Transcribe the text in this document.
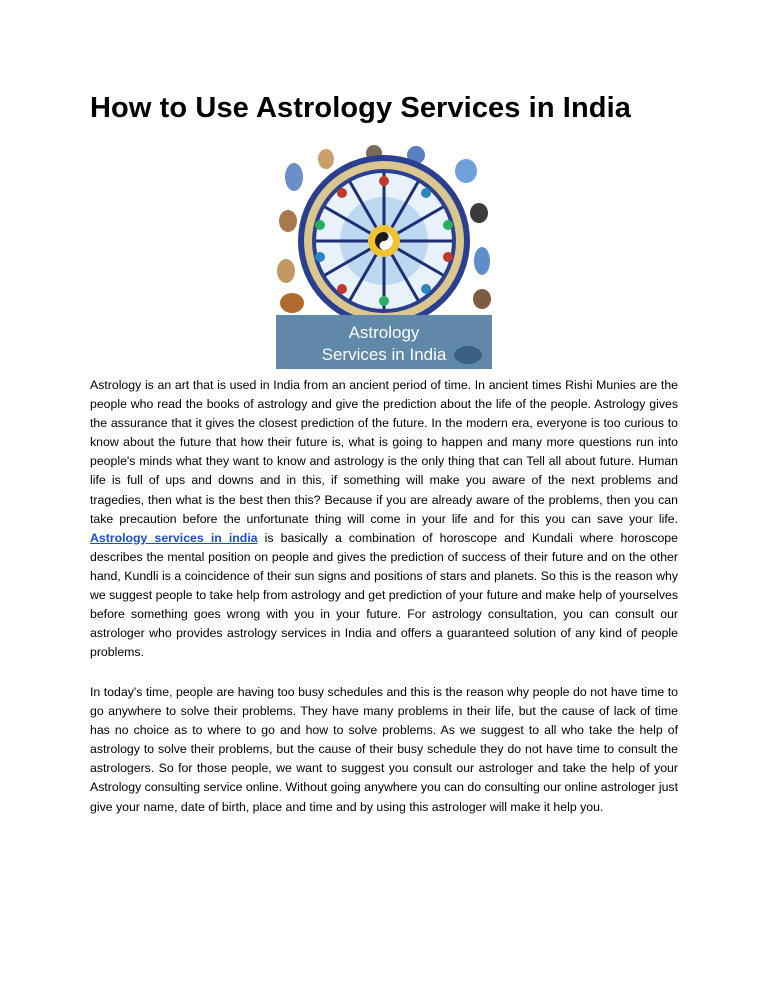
How to Use Astrology Services in India
Astrology
Services in India

Astrology is an art that is used in India from an ancient period of time. In ancient times Rishi Munies are the people who read the books of astrology and give the prediction about the life of the people. Astrology gives the assurance that it gives the closest prediction of the future. In the modern era, everyone is too curious to know about the future that how their future is, what is going to happen and many more questions run into people's minds what they want to know and astrology is the only thing that can Tell all about future. Human life is full of ups and downs and in this, if something will make you aware of the next problems and tragedies, then what is the best then this? Because if you are already aware of the problems, then you can take precaution before the unfortunate thing will come in your life and for this you can save your life. Astrology services in india is basically a combination of horoscope and Kundali where horoscope describes the mental position on people and gives the prediction of success of their future and on the other hand, Kundli is a coincidence of their sun signs and positions of stars and planets. So this is the reason why we suggest people to take help from astrology and get prediction of your future and make help of yourselves before something goes wrong with you in your future. For astrology consultation, you can consult our astrologer who provides astrology services in India and offers a guaranteed solution of any kind of people problems.

In today's time, people are having too busy schedules and this is the reason why people do not have time to go anywhere to solve their problems. They have many problems in their life, but the cause of lack of time has no choice as to where to go and how to solve problems. As we suggest to all who take the help of astrology to solve their problems, but the cause of their busy schedule they do not have time to consult the astrologers. So for those people, we want to suggest you consult our astrologer and take the help of your Astrology consulting service online. Without going anywhere you can do consulting our online astrologer just give your name, date of birth, place and time and by using this astrologer will make it help you.
